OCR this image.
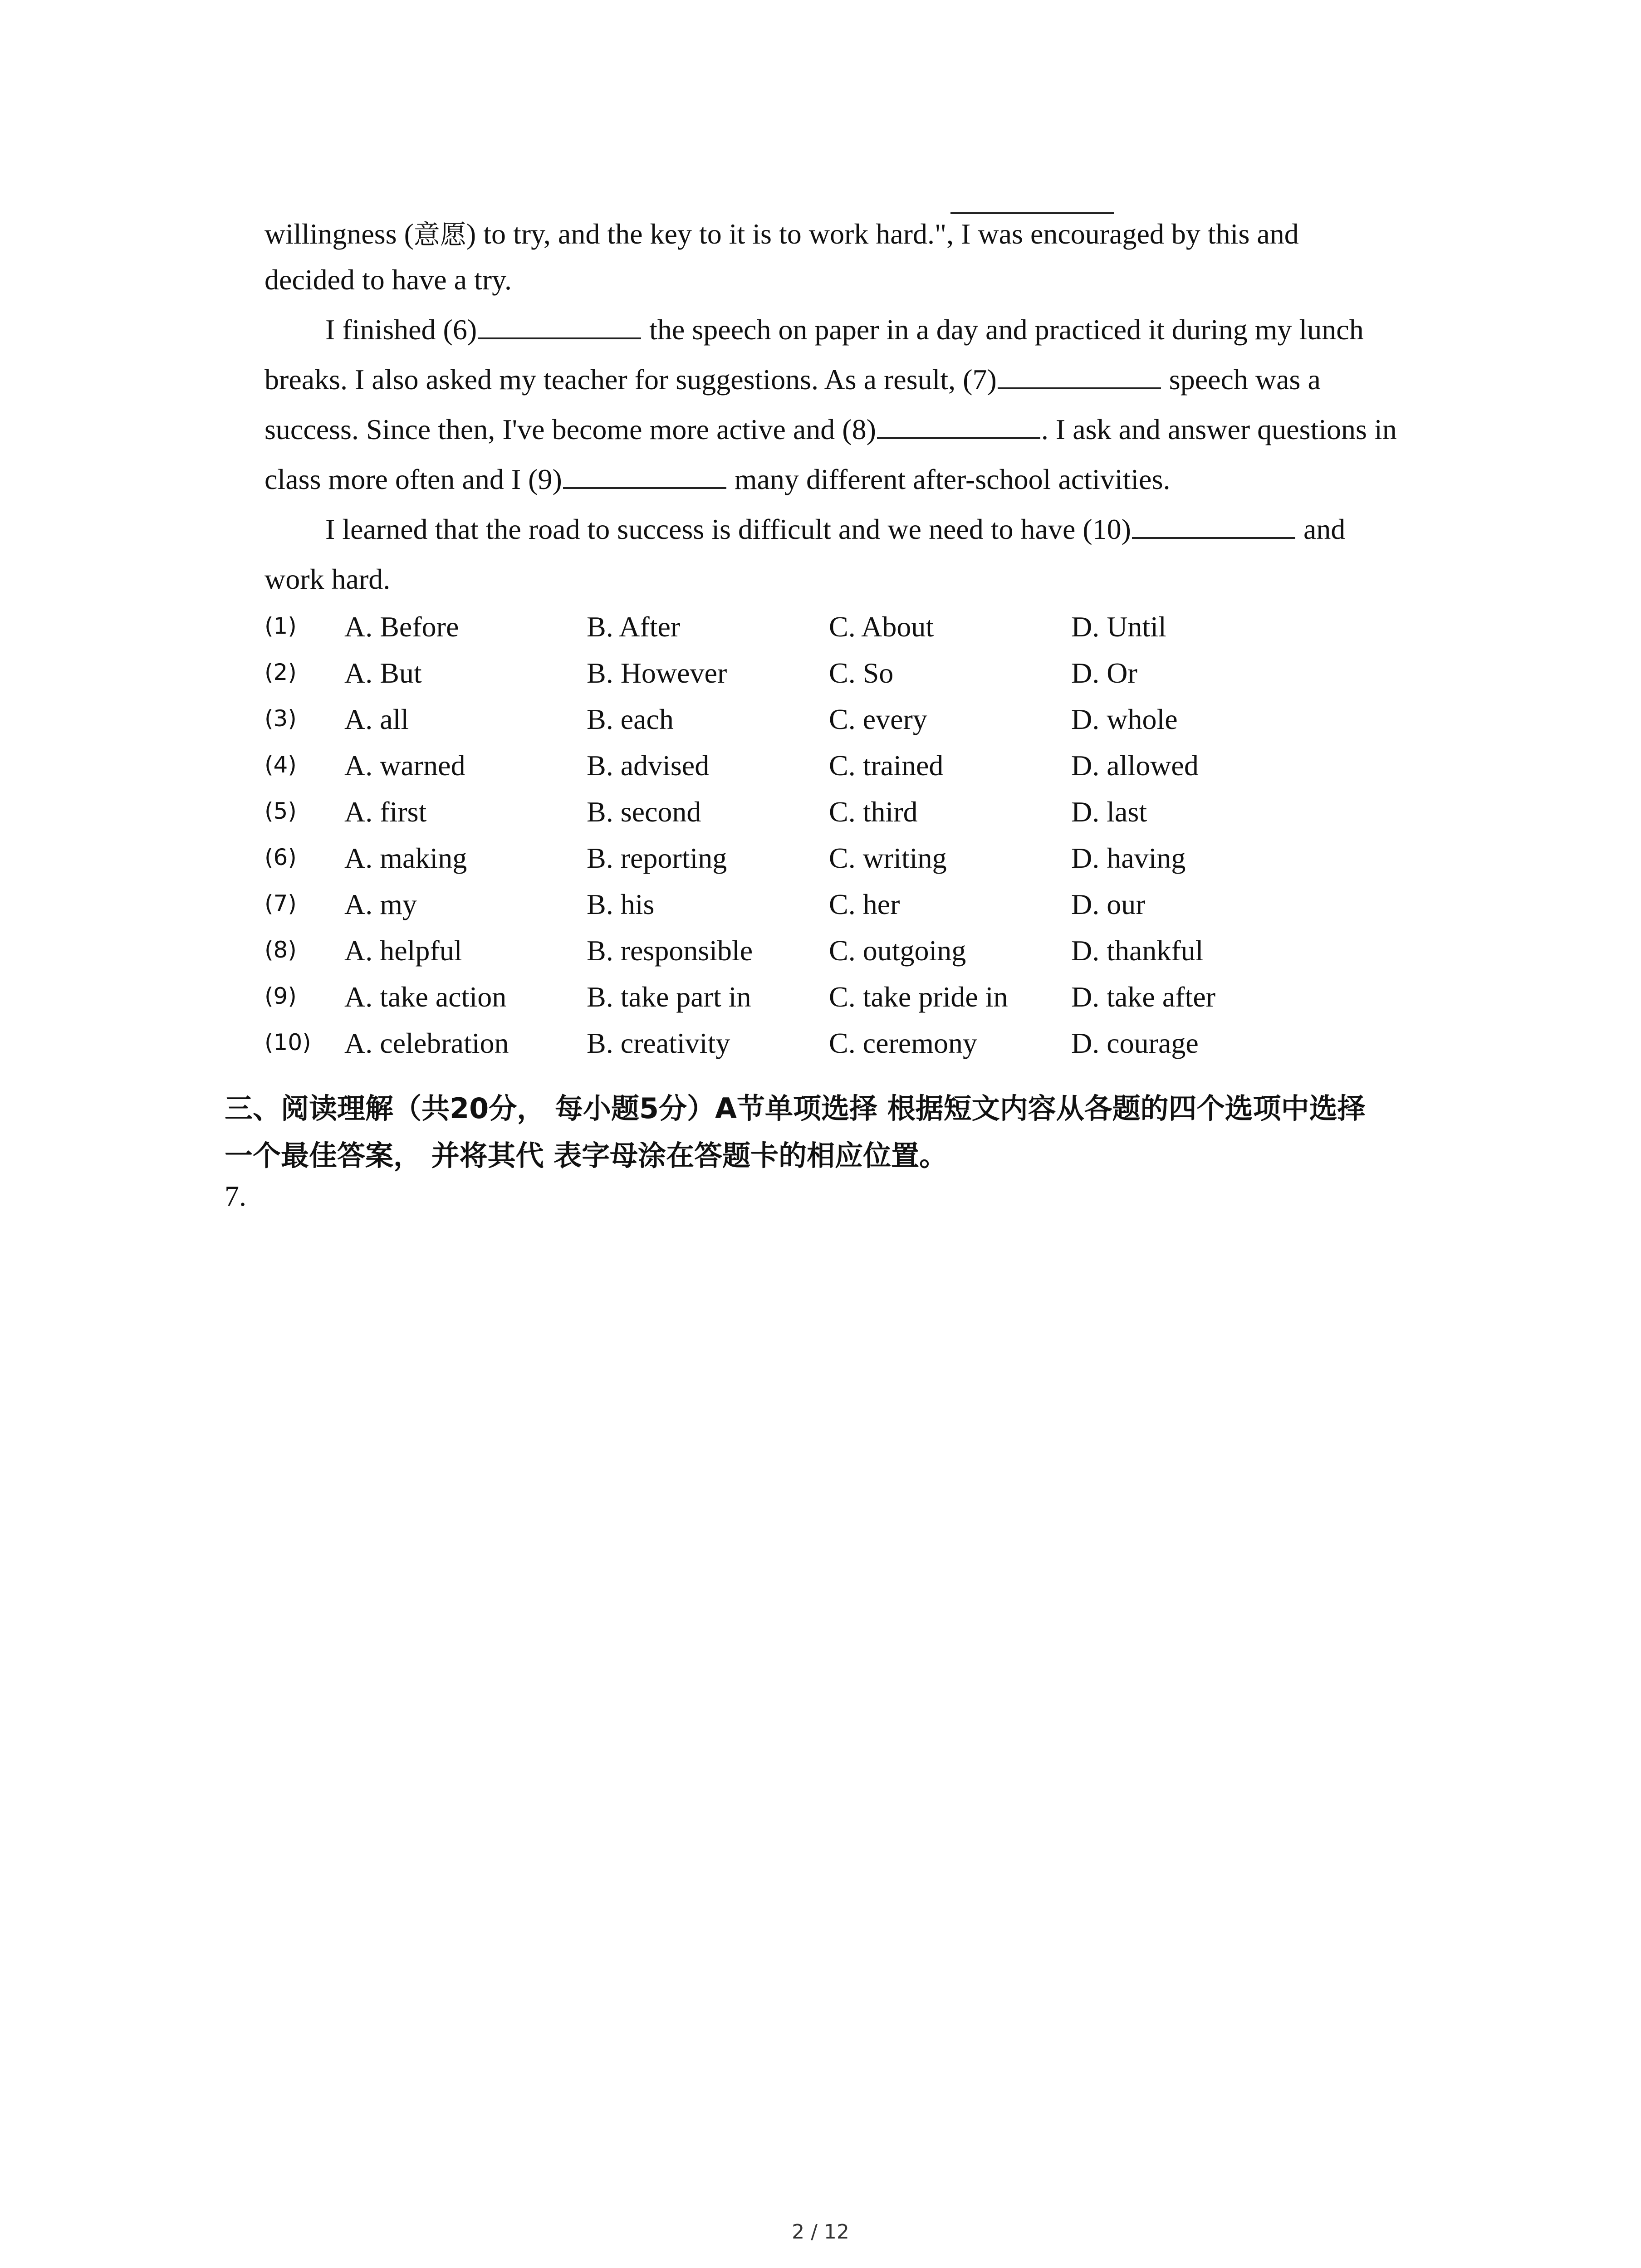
willingness (意愿) to try, and the key to it is to work hard.", I was encouraged by this and
decided to have a try.
I finished (6)	the speech on paper in a day and practiced it during my lunch
breaks. I also asked my teacher for suggestions. As a result, (7)	speech was a
success. Since then, I've become more active and (8)	. I ask and answer questions in
class more often and I (9)	many different after-school activities.
I learned that the road to success is difficult and we need to have (10)	and
work hard.
(1) A. Before	B. After	C. About	D. Until
(2) A. But	B. However	C. So	D. Or
(3) A. all	B. each	C. every	D. whole
(4) A. warned	B. advised	C. trained	D. allowed
(5) A. first	B. second	C. third	D. last
(6) A. making	B. reporting	C. writing	D. having
(7) A. my	B. his	C. her	D. our
(8) A. helpful	B. responsible	C. outgoing	D. thankful
(9) A. take action	B. take part in	C. take pride in D. take after
(10) A. celebration	B. creativity	C. ceremony	D. courage
三、阅读理解（共20分， 每小题5分）A节单项选择 根据短文内容从各题的四个选项中选择
一个最佳答案， 并将其代 表字母涂在答题卡的相应位置。
7.
2 / 12
